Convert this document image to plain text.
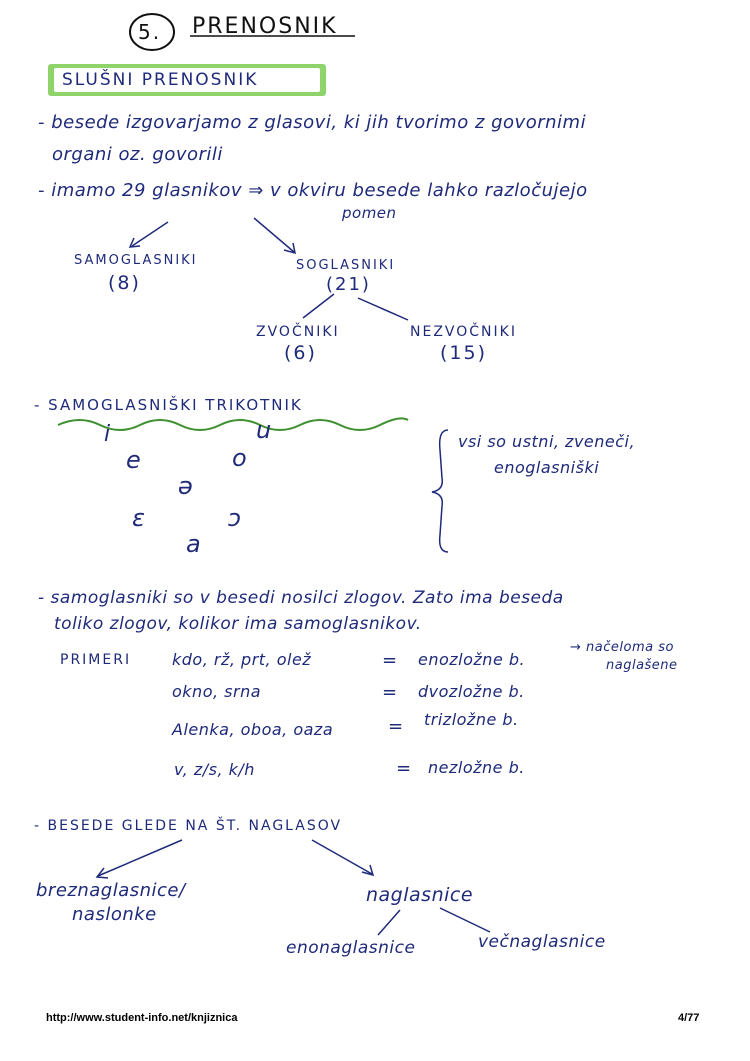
5. PRENOSNIK
SLUŠNI PRENOSNIK
- besede izgovarjamo z glasovi, ki jih tvorimo z govornimi
organi oz. govorili
- imamo 29 glasnikov ⇒ v okviru besede lahko razločujejo
pomen
SAMOGLASNIKI
(8)
SOGLASNIKI
(21)
ZVOČNIKI
(6)
NEZVOČNIKI
(15)
- SAMOGLASNIŠKI TRIKOTNIK
i	u
e	o
ə
ɛ	ɔ
a
vsi so ustni, zveneči,
enoglasniški
- samoglasniki so v besedi nosilci zlogov. Zato ima beseda
toliko zlogov, kolikor ima samoglasnikov.
PRIMERI	kdo, rž, prt, olež	= enozložne b.
okno, srna	= dvozložne b.
Alenka, oboa, oaza	= trizložne b.
v, z/s, k/h	= nezložne b.
→ načeloma so
naglašene
- BESEDE GLEDE NA ŠT. NAGLASOV
breznaglasnice/
naslonke
naglasnice
enonaglasnice	večnaglasnice
http://www.student-info.net/knjiznica	4/77
